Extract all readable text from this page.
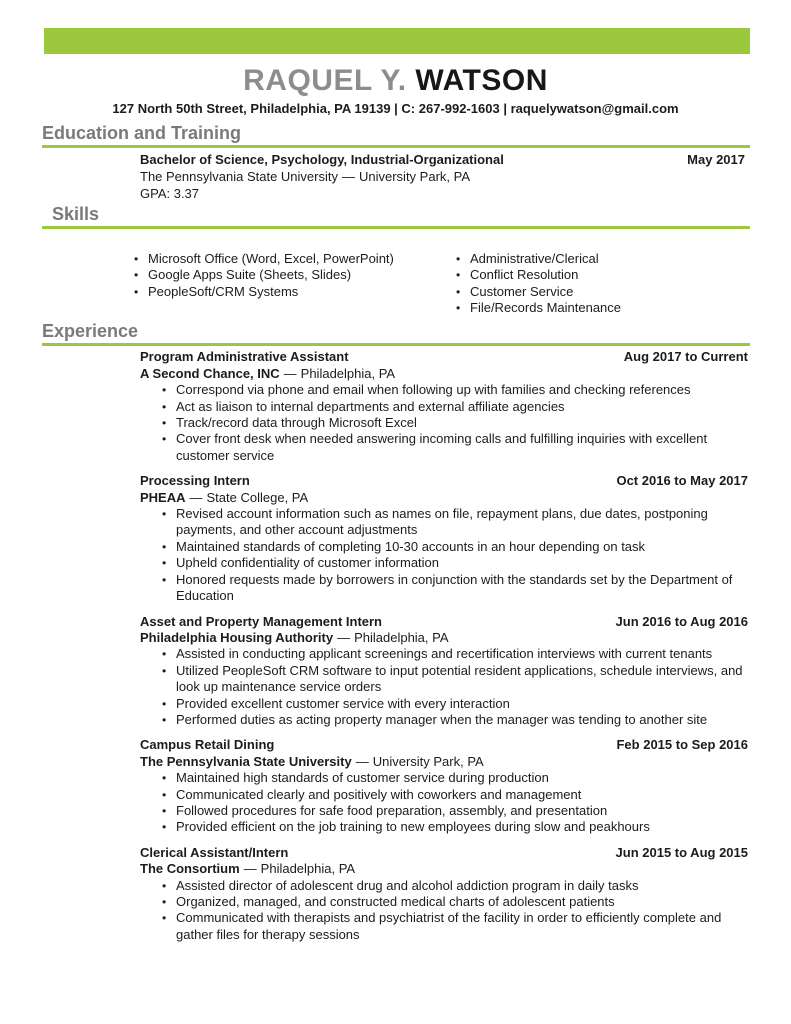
RAQUEL Y. WATSON
127 North 50th Street, Philadelphia, PA 19139 | C: 267-992-1603 | raquelywatson@gmail.com
Education and Training
Bachelor of Science, Psychology, Industrial-Organizational	May 2017
The Pennsylvania State University — University Park, PA
GPA: 3.37
Skills
• Microsoft Office (Word, Excel, PowerPoint)
• Google Apps Suite (Sheets, Slides)
• PeopleSoft/CRM Systems
• Administrative/Clerical
• Conflict Resolution
• Customer Service
• File/Records Maintenance
Experience
Program Administrative Assistant	Aug 2017 to Current
A Second Chance, INC — Philadelphia, PA
• Correspond via phone and email when following up with families and checking references
• Act as liaison to internal departments and external affiliate agencies
• Track/record data through Microsoft Excel
• Cover front desk when needed answering incoming calls and fulfilling inquiries with excellent customer service
Processing Intern	Oct 2016 to May 2017
PHEAA — State College, PA
• Revised account information such as names on file, repayment plans, due dates, postponing payments, and other account adjustments
• Maintained standards of completing 10-30 accounts in an hour depending on task
• Upheld confidentiality of customer information
• Honored requests made by borrowers in conjunction with the standards set by the Department of Education
Asset and Property Management Intern	Jun 2016 to Aug 2016
Philadelphia Housing Authority — Philadelphia, PA
• Assisted in conducting applicant screenings and recertification interviews with current tenants
• Utilized PeopleSoft CRM software to input potential resident applications, schedule interviews, and look up maintenance service orders
• Provided excellent customer service with every interaction
• Performed duties as acting property manager when the manager was tending to another site
Campus Retail Dining	Feb 2015 to Sep 2016
The Pennsylvania State University — University Park, PA
• Maintained high standards of customer service during production
• Communicated clearly and positively with coworkers and management
• Followed procedures for safe food preparation, assembly, and presentation
• Provided efficient on the job training to new employees during slow and peakhours
Clerical Assistant/Intern	Jun 2015 to Aug 2015
The Consortium — Philadelphia, PA
• Assisted director of adolescent drug and alcohol addiction program in daily tasks
• Organized, managed, and constructed medical charts of adolescent patients
• Communicated with therapists and psychiatrist of the facility in order to efficiently complete and gather files for therapy sessions
